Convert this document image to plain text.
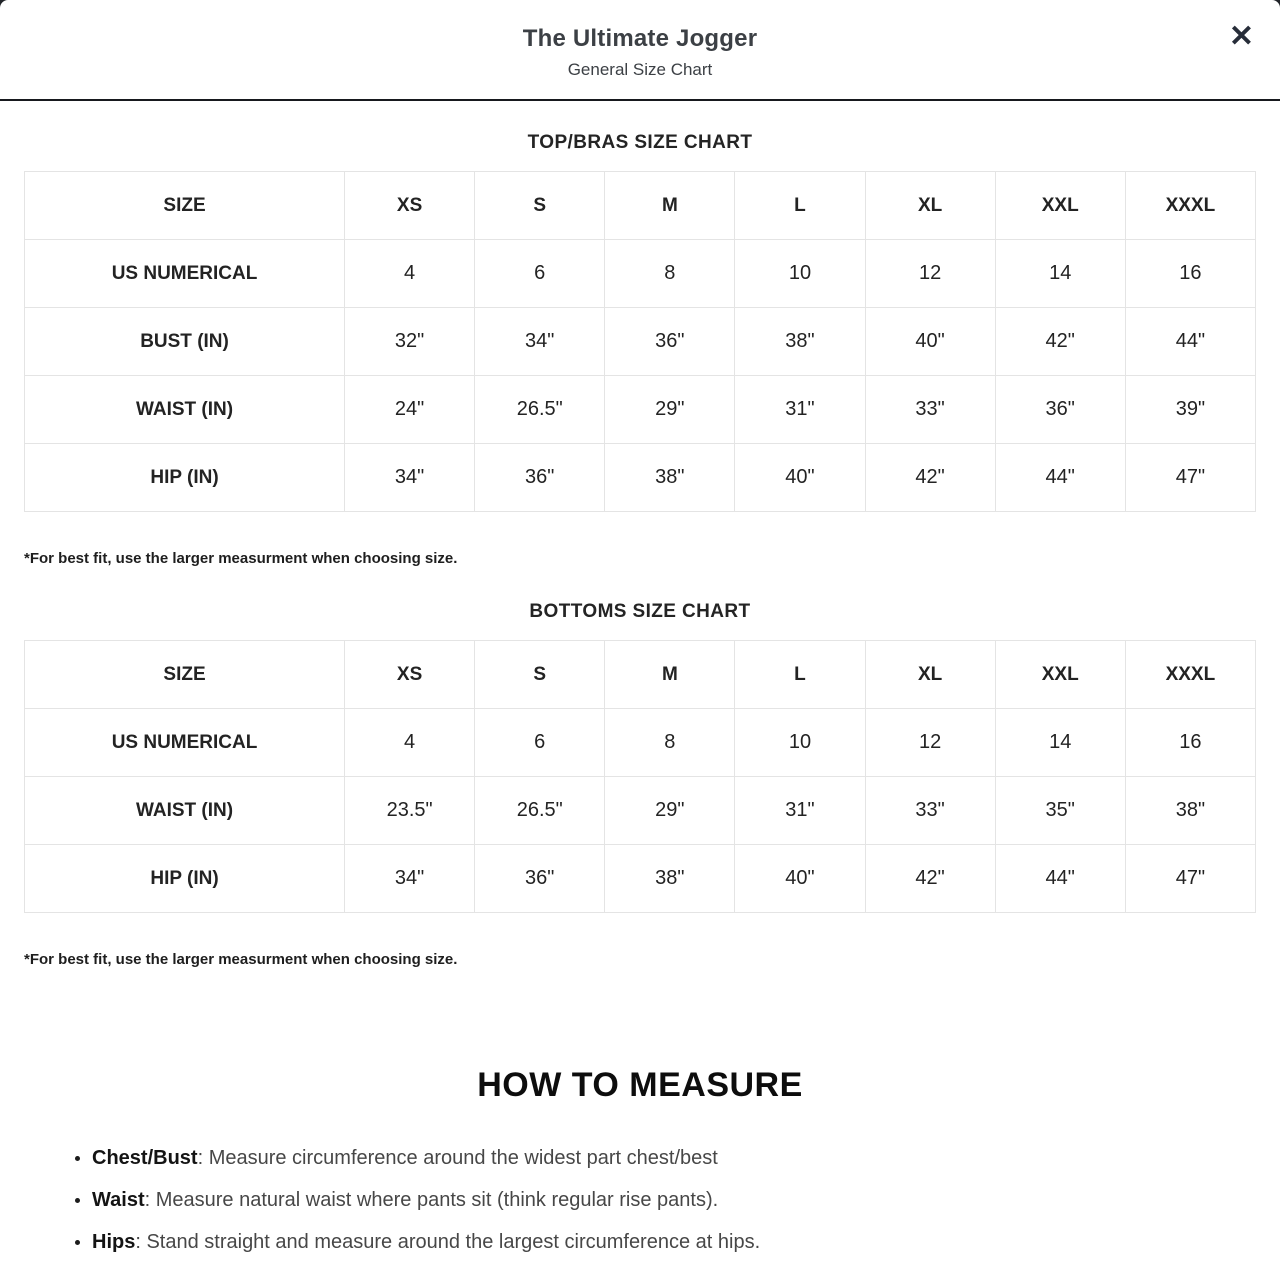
The Ultimate Jogger
General Size Chart
✕
TOP/BRAS SIZE CHART
SIZE	XS	S	M	L	XL	XXL	XXXL
US NUMERICAL	4	6	8	10	12	14	16
BUST (IN)	32"	34"	36"	38"	40"	42"	44"
WAIST (IN)	24"	26.5"	29"	31"	33"	36"	39"
HIP (IN)	34"	36"	38"	40"	42"	44"	47"

*For best fit, use the larger measurment when choosing size.

BOTTOMS SIZE CHART
SIZE	XS	S	M	L	XL	XXL	XXXL
US NUMERICAL	4	6	8	10	12	14	16
WAIST (IN)	23.5"	26.5"	29"	31"	33"	35"	38"
HIP (IN)	34"	36"	38"	40"	42"	44"	47"

*For best fit, use the larger measurment when choosing size.

HOW TO MEASURE
• Chest/Bust: Measure circumference around the widest part chest/best
• Waist: Measure natural waist where pants sit (think regular rise pants).
• Hips: Stand straight and measure around the largest circumference at hips.
